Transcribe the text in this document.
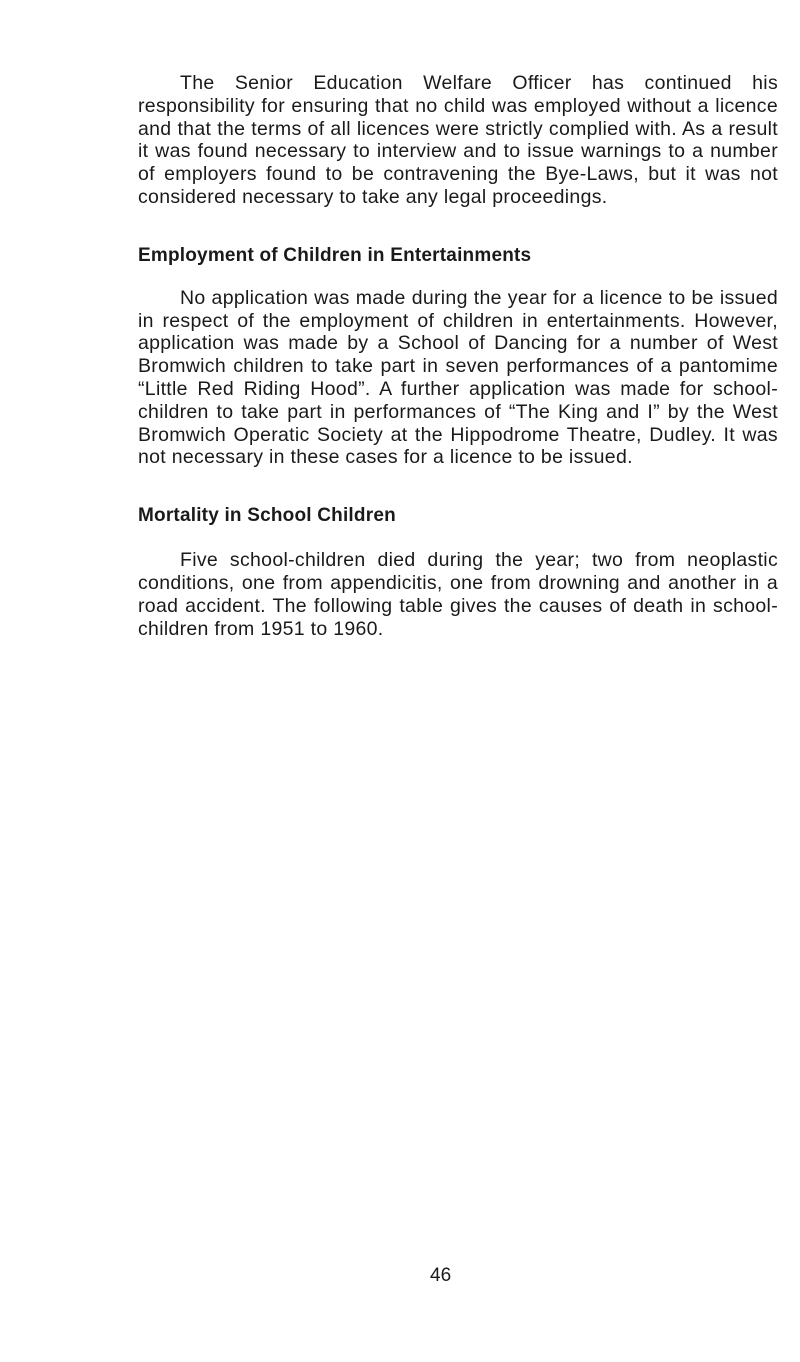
The Senior Education Welfare Officer has continued his responsibility for ensuring that no child was employed without a licence and that the terms of all licences were strictly complied with. As a result it was found necessary to interview and to issue warnings to a number of employers found to be contravening the Bye-Laws, but it was not considered necessary to take any legal proceedings.

Employment of Children in Entertainments

No application was made during the year for a licence to be issued in respect of the employment of children in entertainments. However, application was made by a School of Dancing for a number of West Bromwich children to take part in seven performances of a pantomime “Little Red Riding Hood”. A further application was made for school-children to take part in performances of “The King and I” by the West Bromwich Operatic Society at the Hippodrome Theatre, Dudley. It was not necessary in these cases for a licence to be issued.

Mortality in School Children

Five school-children died during the year; two from neoplastic conditions, one from appendicitis, one from drowning and another in a road accident. The following table gives the causes of death in school-children from 1951 to 1960.

46
